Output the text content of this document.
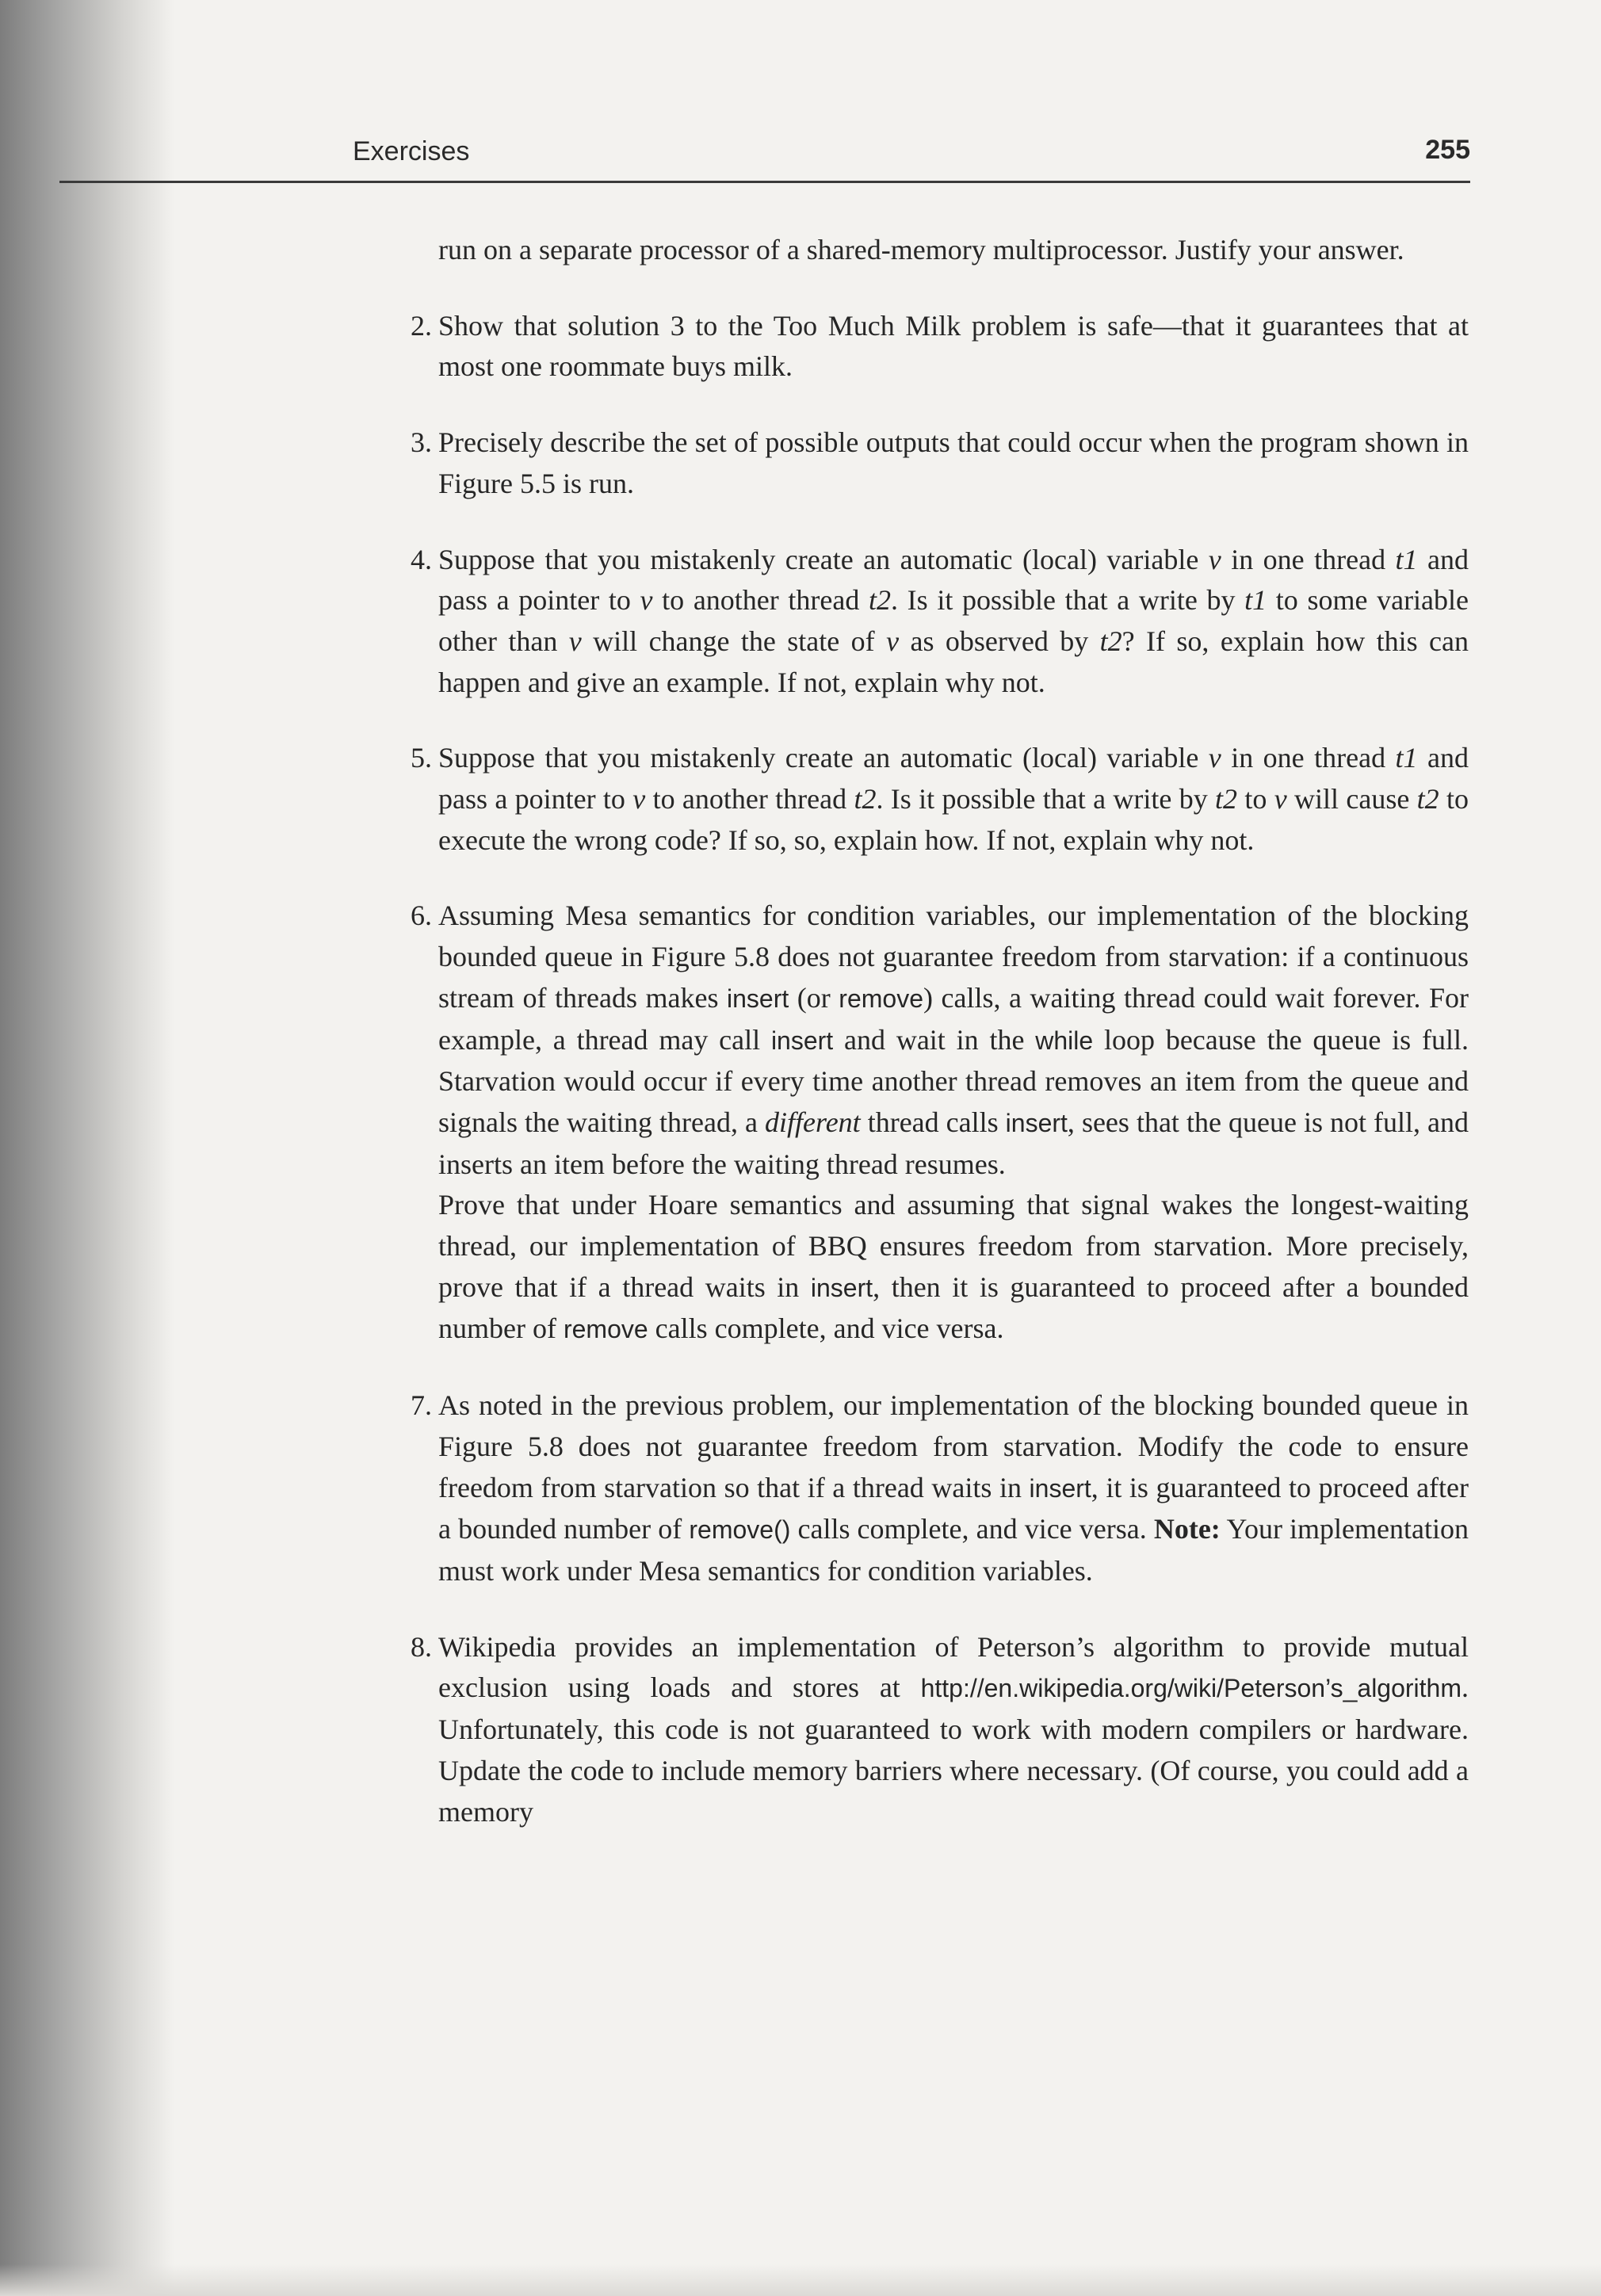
Exercises	255

run on a separate processor of a shared-memory multiprocessor. Justify your answer.

2. Show that solution 3 to the Too Much Milk problem is safe—that it guarantees that at most one roommate buys milk.

3. Precisely describe the set of possible outputs that could occur when the program shown in Figure 5.5 is run.

4. Suppose that you mistakenly create an automatic (local) variable v in one thread t1 and pass a pointer to v to another thread t2. Is it possible that a write by t1 to some variable other than v will change the state of v as observed by t2? If so, explain how this can happen and give an example. If not, explain why not.

5. Suppose that you mistakenly create an automatic (local) variable v in one thread t1 and pass a pointer to v to another thread t2. Is it possible that a write by t2 to v will cause t2 to execute the wrong code? If so, so, explain how. If not, explain why not.

6. Assuming Mesa semantics for condition variables, our implementation of the blocking bounded queue in Figure 5.8 does not guarantee freedom from starvation: if a continuous stream of threads makes insert (or remove) calls, a waiting thread could wait forever. For example, a thread may call insert and wait in the while loop because the queue is full. Starvation would occur if every time another thread removes an item from the queue and signals the waiting thread, a different thread calls insert, sees that the queue is not full, and inserts an item before the waiting thread resumes.

Prove that under Hoare semantics and assuming that signal wakes the longest-waiting thread, our implementation of BBQ ensures freedom from starvation. More precisely, prove that if a thread waits in insert, then it is guaranteed to proceed after a bounded number of remove calls complete, and vice versa.

7. As noted in the previous problem, our implementation of the blocking bounded queue in Figure 5.8 does not guarantee freedom from starvation. Modify the code to ensure freedom from starvation so that if a thread waits in insert, it is guaranteed to proceed after a bounded number of remove() calls complete, and vice versa. Note: Your implementation must work under Mesa semantics for condition variables.

8. Wikipedia provides an implementation of Peterson’s algorithm to provide mutual exclusion using loads and stores at http://en.wikipedia.org/wiki/Peterson’s_algorithm. Unfortunately, this code is not guaranteed to work with modern compilers or hardware. Update the code to include memory barriers where necessary. (Of course, you could add a memory
